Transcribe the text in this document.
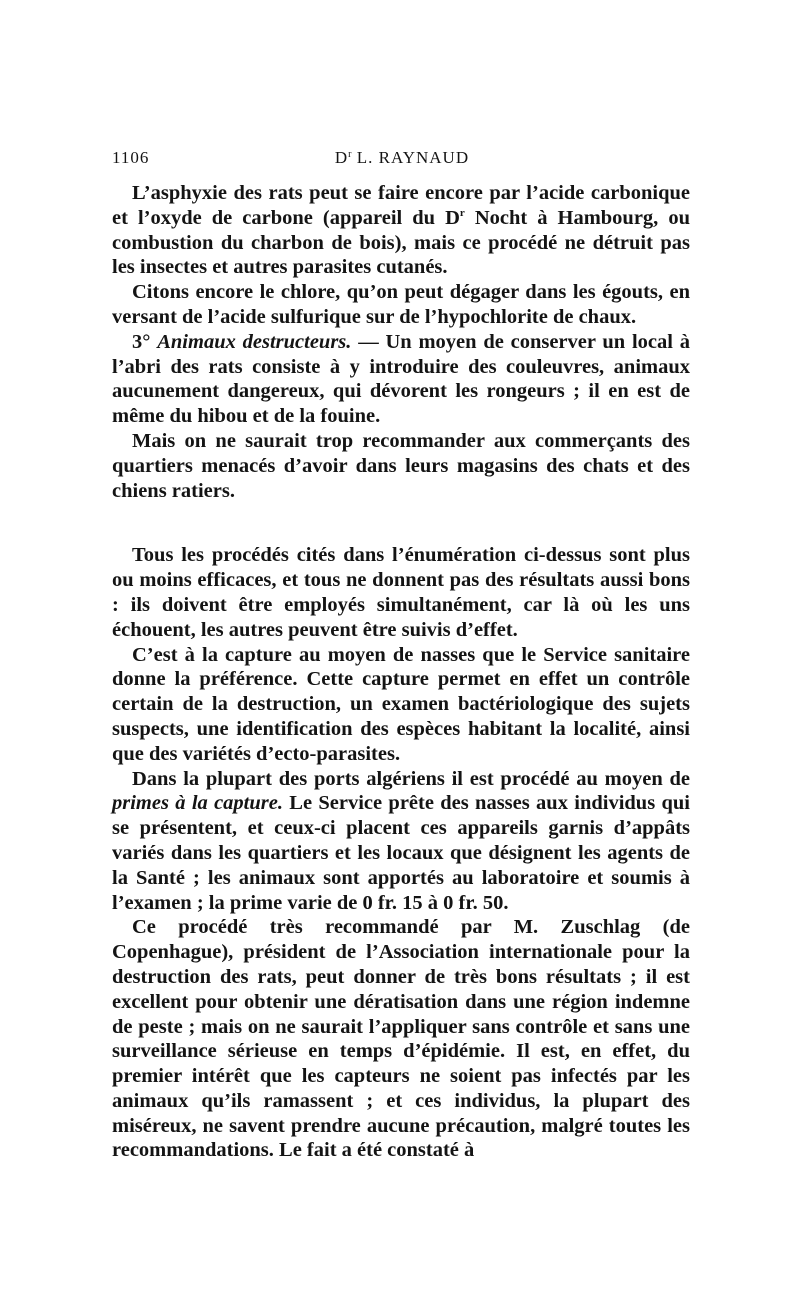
1106	$D^r$ L. RAYNAUD

L’asphyxie des rats peut se faire encore par l’acide carbonique et l’oxyde de carbone (appareil du $D^r$ Nocht à Hambourg, ou combustion du charbon de bois), mais ce procédé ne détruit pas les insectes et autres parasites cutanés.

Citons encore le chlore, qu’on peut dégager dans les égouts, en versant de l’acide sulfurique sur de l’hypochlorite de chaux.

3° Animaux destructeurs. — Un moyen de conserver un local à l’abri des rats consiste à y introduire des couleuvres, animaux aucunement dangereux, qui dévorent les rongeurs ; il en est de même du hibou et de la fouine.

Mais on ne saurait trop recommander aux commerçants des quartiers menacés d’avoir dans leurs magasins des chats et des chiens ratiers.

Tous les procédés cités dans l’énumération ci-dessus sont plus ou moins efficaces, et tous ne donnent pas des résultats aussi bons : ils doivent être employés simultanément, car là où les uns échouent, les autres peuvent être suivis d’effet.

C’est à la capture au moyen de nasses que le Service sanitaire donne la préférence. Cette capture permet en effet un contrôle certain de la destruction, un examen bactériologique des sujets suspects, une identification des espèces habitant la localité, ainsi que des variétés d’ecto-parasites.

Dans la plupart des ports algériens il est procédé au moyen de primes à la capture. Le Service prête des nasses aux individus qui se présentent, et ceux-ci placent ces appareils garnis d’appâts variés dans les quartiers et les locaux que désignent les agents de la Santé ; les animaux sont apportés au laboratoire et soumis à l’examen ; la prime varie de 0 fr. 15 à 0 fr. 50.

Ce procédé très recommandé par M. Zuschlag (de Copenhague), président de l’Association internationale pour la destruction des rats, peut donner de très bons résultats ; il est excellent pour obtenir une dératisation dans une région indemne de peste ; mais on ne saurait l’appliquer sans contrôle et sans une surveillance sérieuse en temps d’épidémie. Il est, en effet, du premier intérêt que les capteurs ne soient pas infectés par les animaux qu’ils ramassent ; et ces individus, la plupart des miséreux, ne savent prendre aucune précaution, malgré toutes les recommandations. Le fait a été constaté à
